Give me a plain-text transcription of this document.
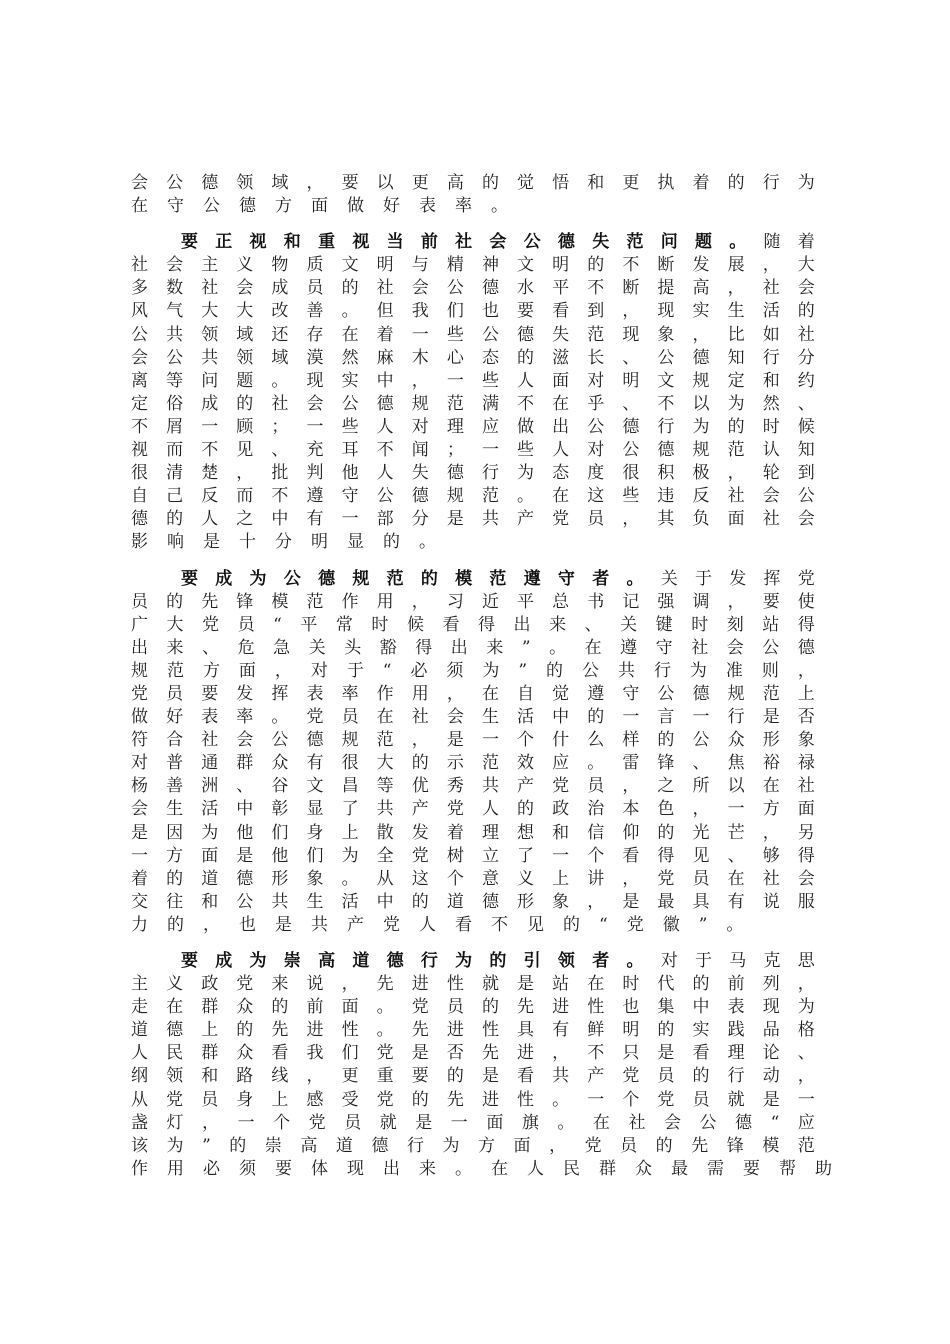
会 公 德 领 域 ， 要 以 更 高 的 觉 悟 和 更 执 着 的 行 为
在 守 公 德 方 面 做 好 表 率 。
要 正 视 和 重 视 当 前 社 会 公 德 失 范 问 题 。 随 着
社 会 主 义 物 质 文 明 与 精 神 文 明 的 不 断 发 展 ， 大
多 数 社 会 成 员 的 社 会 公 德 水 平 不 断 提 高 ， 社 会
风 气 大 大 改 善 。 但 我 们 也 要 看 到 ， 现 实 生 活 的
公 共 领 域 还 存 在 着 一 些 公 德 失 范 现 象 ， 比 如 社
会 公 共 领 域 漠 然 麻 木 心 态 的 滋 长 、 公 德 知 行 分
离 等 问 题 。 现 实 中 ， 一 些 人 面 对 明 文 规 定 和 约
定 俗 成 的 社 会 公 德 规 范 满 不 在 乎 、 不 以 为 然 、
不 屑 一 顾 ； 一 些 人 对 理 应 做 出 公 德 行 为 的 时 候
视 而 不 见 、 充 耳 不 闻 ； 一 些 人 对 公 德 规 范 认 知
很 清 楚 ， 批 判 他 人 失 德 行 为 态 度 很 积 极 ， 轮 到
自 己 反 而 不 遵 守 公 德 规 范 。 在 这 些 违 反 社 会 公
德 的 人 之 中 有 一 部 分 是 共 产 党 员 ， 其 负 面 社 会
影 响 是 十 分 明 显 的 。
要 成 为 公 德 规 范 的 模 范 遵 守 者 。 关 于 发 挥 党
员 的 先 锋 模 范 作 用 ， 习 近 平 总 书 记 强 调 ， 要 使
广 大 党 员 “ 平 常 时 候 看 得 出 来 、 关 键 时 刻 站 得
出 来 、 危 急 关 头 豁 得 出 来 ” 。 在 遵 守 社 会 公 德
规 范 方 面 ， 对 于 “ 必 须 为 ” 的 公 共 行 为 准 则 ，
党 员 要 发 挥 表 率 作 用 ， 在 自 觉 遵 守 公 德 规 范 上
做 好 表 率 。 党 员 在 社 会 生 活 中 的 一 言 一 行 是 否
符 合 社 会 公 德 规 范 ， 是 一 个 什 么 样 的 公 众 形 象
对 普 通 群 众 有 很 大 的 示 范 效 应 。 雷 锋 、 焦 裕 禄
杨 善 洲 、 谷 文 昌 等 优 秀 共 产 党 员 ， 之 所 以 在 社
会 生 活 中 彰 显 了 共 产 党 人 的 政 治 本 色 ， 一 方 面
是 因 为 他 们 身 上 散 发 着 理 想 和 信 仰 的 光 芒 ， 另
一 方 面 是 他 们 为 全 党 树 立 了 一 个 看 得 见 、 够 得
着 的 道 德 形 象 。 从 这 个 意 义 上 讲 ， 党 员 在 社 会
交 往 和 公 共 生 活 中 的 道 德 形 象 ， 是 最 具 有 说 服
力 的 ， 也 是 共 产 党 人 看 不 见 的 “ 党 徽 ” 。
要 成 为 崇 高 道 德 行 为 的 引 领 者 。 对 于 马 克 思
主 义 政 党 来 说 ， 先 进 性 就 是 站 在 时 代 的 前 列 ，
走 在 群 众 的 前 面 。 党 员 的 先 进 性 也 集 中 表 现 为
道 德 上 的 先 进 性 。 先 进 性 具 有 鲜 明 的 实 践 品 格
人 民 群 众 看 我 们 党 是 否 先 进 ， 不 只 是 看 理 论 、
纲 领 和 路 线 ， 更 重 要 的 是 看 共 产 党 员 的 行 动 ，
从 党 员 身 上 感 受 党 的 先 进 性 。 一 个 党 员 就 是 一
盏 灯 ， 一 个 党 员 就 是 一 面 旗 。 在 社 会 公 德 “ 应
该 为 ” 的 崇 高 道 德 行 为 方 面 ， 党 员 的 先 锋 模 范
作 用 必 须 要 体 现 出 来 。 在 人 民 群 众 最 需 要 帮 助
